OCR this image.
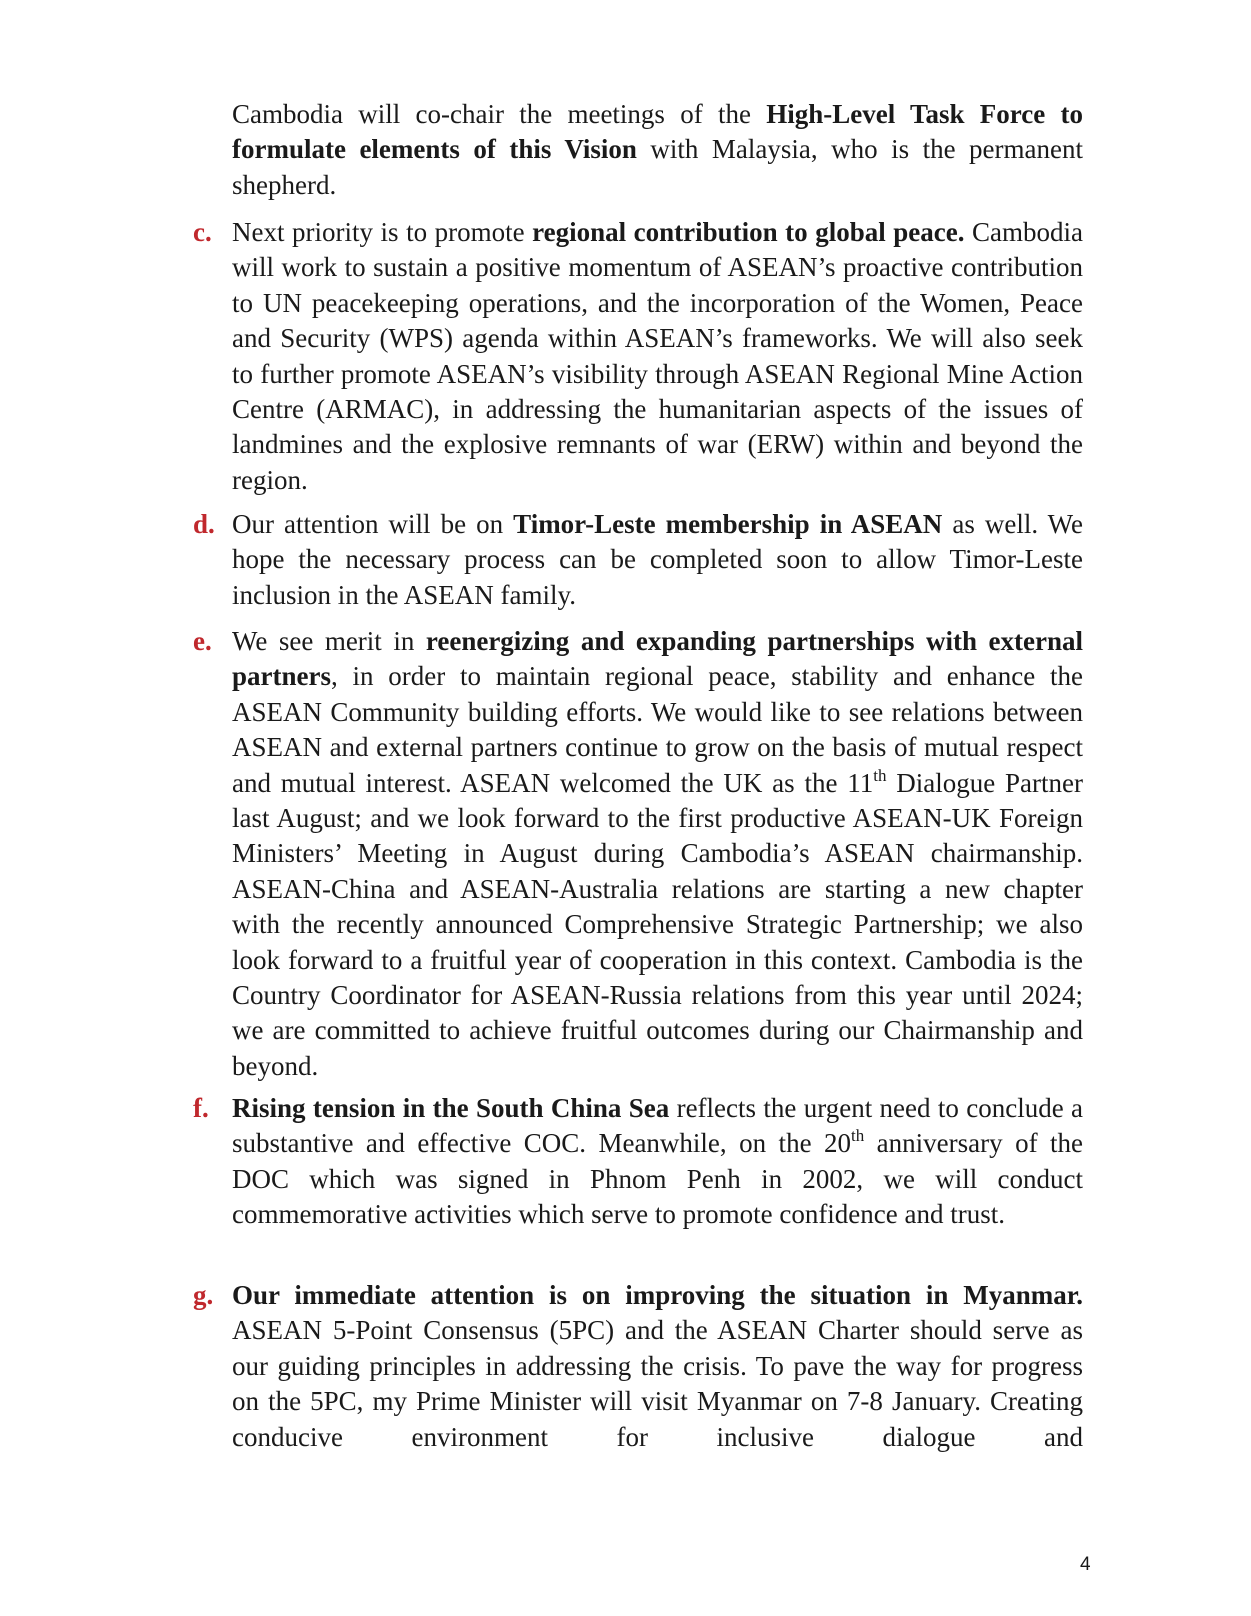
Cambodia will co-chair the meetings of the High-Level Task Force to formulate elements of this Vision with Malaysia, who is the permanent shepherd.
c. Next priority is to promote regional contribution to global peace. Cambodia will work to sustain a positive momentum of ASEAN’s proactive contribution to UN peacekeeping operations, and the incorporation of the Women, Peace and Security (WPS) agenda within ASEAN’s frameworks. We will also seek to further promote ASEAN’s visibility through ASEAN Regional Mine Action Centre (ARMAC), in addressing the humanitarian aspects of the issues of landmines and the explosive remnants of war (ERW) within and beyond the region.
d. Our attention will be on Timor-Leste membership in ASEAN as well. We hope the necessary process can be completed soon to allow Timor-Leste inclusion in the ASEAN family.
e. We see merit in reenergizing and expanding partnerships with external partners, in order to maintain regional peace, stability and enhance the ASEAN Community building efforts. We would like to see relations between ASEAN and external partners continue to grow on the basis of mutual respect and mutual interest. ASEAN welcomed the UK as the 11th Dialogue Partner last August; and we look forward to the first productive ASEAN-UK Foreign Ministers’ Meeting in August during Cambodia’s ASEAN chairmanship. ASEAN-China and ASEAN-Australia relations are starting a new chapter with the recently announced Comprehensive Strategic Partnership; we also look forward to a fruitful year of cooperation in this context. Cambodia is the Country Coordinator for ASEAN-Russia relations from this year until 2024; we are committed to achieve fruitful outcomes during our Chairmanship and beyond.
f. Rising tension in the South China Sea reflects the urgent need to conclude a substantive and effective COC. Meanwhile, on the 20th anniversary of the DOC which was signed in Phnom Penh in 2002, we will conduct commemorative activities which serve to promote confidence and trust.
g. Our immediate attention is on improving the situation in Myanmar. ASEAN 5-Point Consensus (5PC) and the ASEAN Charter should serve as our guiding principles in addressing the crisis. To pave the way for progress on the 5PC, my Prime Minister will visit Myanmar on 7-8 January. Creating conducive environment for inclusive dialogue and
4
